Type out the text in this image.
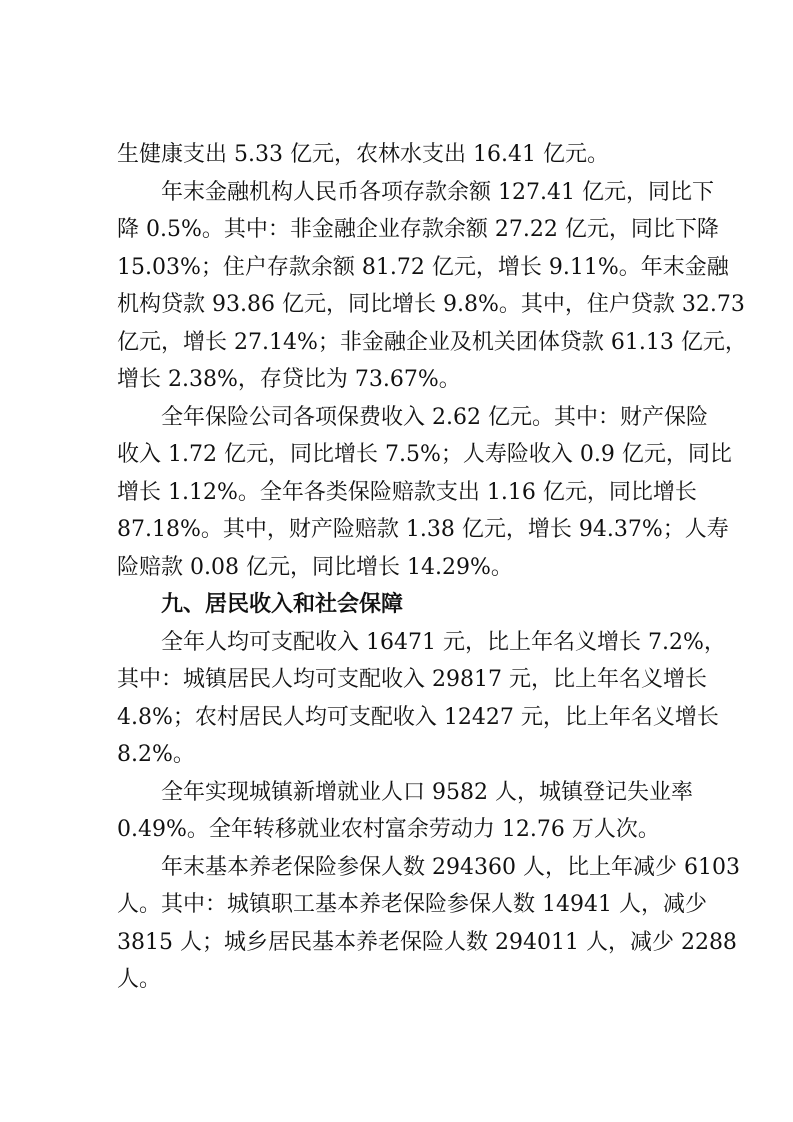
生健康支出 5.33 亿元，农林水支出 16.41 亿元。
年末金融机构人民币各项存款余额 127.41 亿元，同比下
降 0.5%。其中：非金融企业存款余额 27.22 亿元，同比下降
15.03%；住户存款余额 81.72 亿元，增长 9.11%。年末金融
机构贷款 93.86 亿元，同比增长 9.8%。其中，住户贷款 32.73
亿元，增长 27.14%；非金融企业及机关团体贷款 61.13 亿元，
增长 2.38%，存贷比为 73.67%。
全年保险公司各项保费收入 2.62 亿元。其中：财产保险
收入 1.72 亿元，同比增长 7.5%；人寿险收入 0.9 亿元，同比
增长 1.12%。全年各类保险赔款支出 1.16 亿元，同比增长
87.18%。其中，财产险赔款 1.38 亿元，增长 94.37%；人寿
险赔款 0.08 亿元，同比增长 14.29%。
九、居民收入和社会保障
全年人均可支配收入 16471 元，比上年名义增长 7.2%，
其中：城镇居民人均可支配收入 29817 元，比上年名义增长
4.8%；农村居民人均可支配收入 12427 元，比上年名义增长
8.2%。
全年实现城镇新增就业人口 9582 人，城镇登记失业率
0.49%。全年转移就业农村富余劳动力 12.76 万人次。
年末基本养老保险参保人数 294360 人，比上年减少 6103
人。其中：城镇职工基本养老保险参保人数 14941 人，减少
3815 人；城乡居民基本养老保险人数 294011 人，减少 2288
人。
